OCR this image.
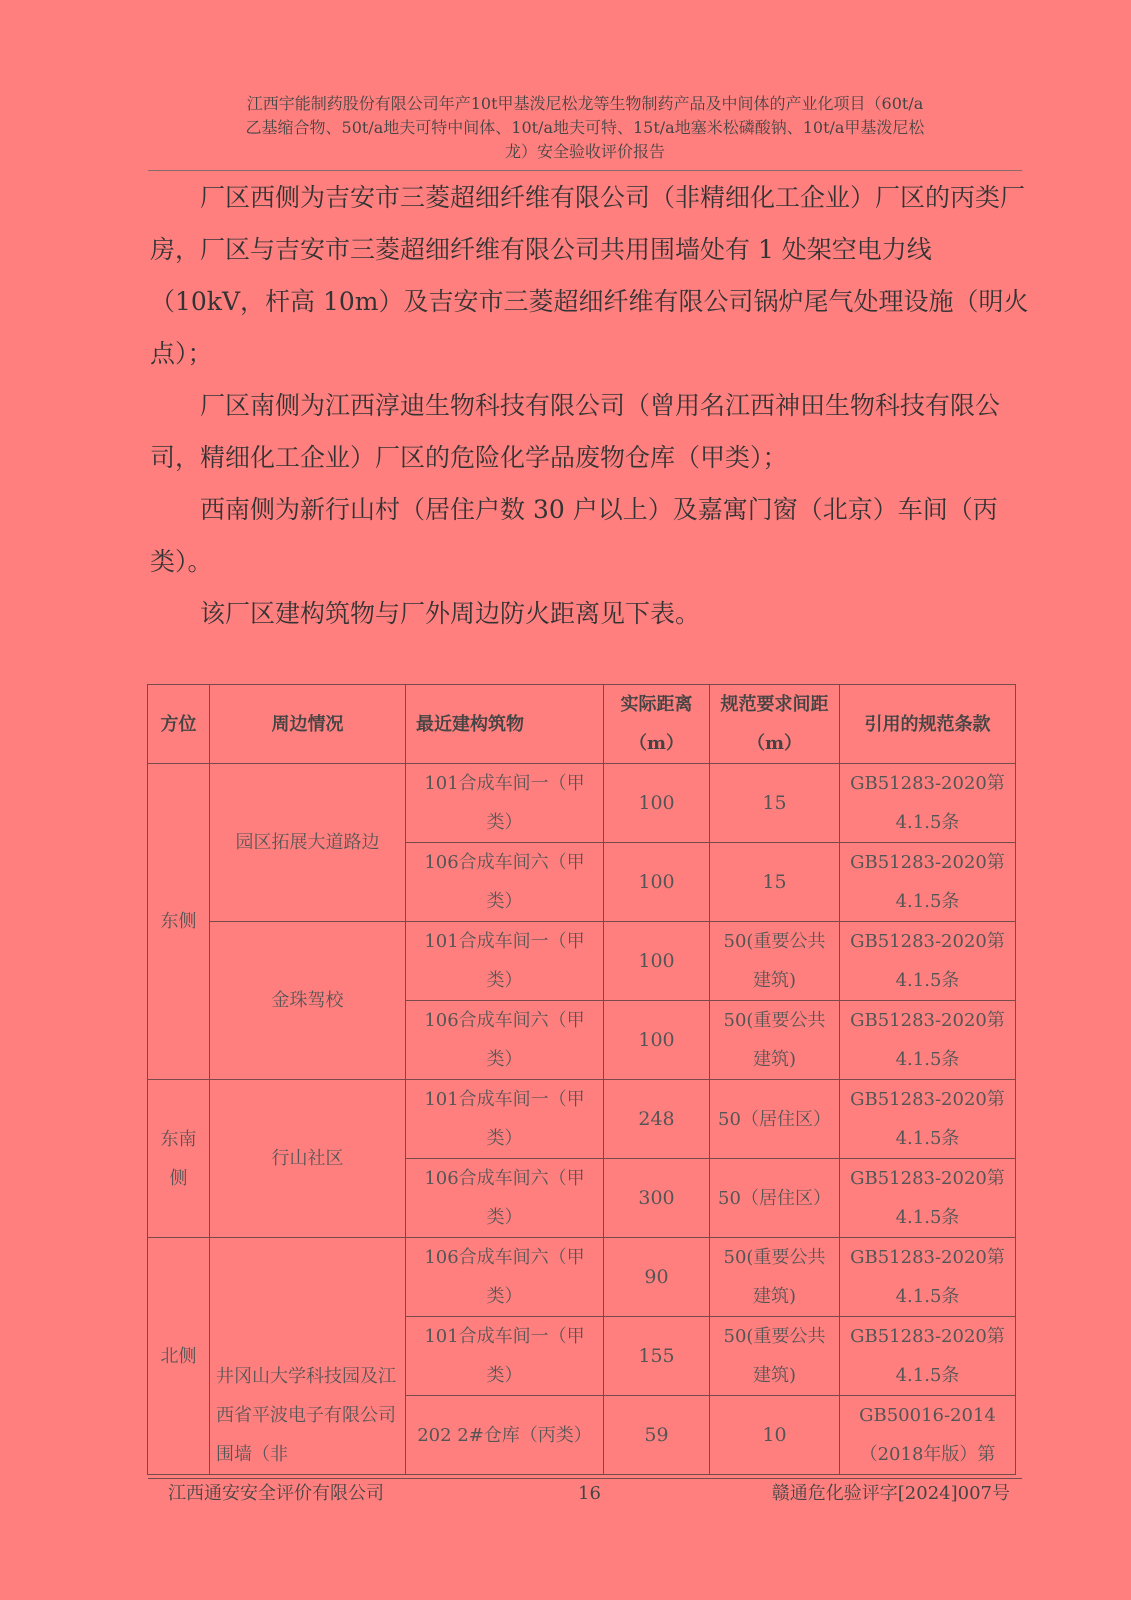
江西宇能制药股份有限公司年产10t甲基泼尼松龙等生物制药产品及中间体的产业化项目（60t/a
乙基缩合物、50t/a地夫可特中间体、10t/a地夫可特、15t/a地塞米松磷酸钠、10t/a甲基泼尼松
龙）安全验收评价报告

厂区西侧为吉安市三菱超细纤维有限公司（非精细化工企业）厂区的丙类厂房，厂区与吉安市三菱超细纤维有限公司共用围墙处有 1 处架空电力线（10kV，杆高 10m）及吉安市三菱超细纤维有限公司锅炉尾气处理设施（明火点）；

厂区南侧为江西淳迪生物科技有限公司（曾用名江西神田生物科技有限公司，精细化工企业）厂区的危险化学品废物仓库（甲类）；

西南侧为新行山村（居住户数 30 户以上）及嘉寓门窗（北京）车间（丙类）。

该厂区建构筑物与厂外周边防火距离见下表。

方位	周边情况	最近建构筑物	实际距离（m）	规范要求间距（m）	引用的规范条款
东侧	园区拓展大道路边	101合成车间一（甲类）	100	15	GB51283-2020第4.1.5条
		106合成车间六（甲类）	100	15	GB51283-2020第4.1.5条
	金珠驾校	101合成车间一（甲类）	100	50(重要公共建筑)	GB51283-2020第4.1.5条
		106合成车间六（甲类）	100	50(重要公共建筑)	GB51283-2020第4.1.5条
东南侧	行山社区	101合成车间一（甲类）	248	50（居住区）	GB51283-2020第4.1.5条
		106合成车间六（甲类）	300	50（居住区）	GB51283-2020第4.1.5条
北侧	井冈山大学科技园及江西省平波电子有限公司围墙（非	106合成车间六（甲类）	90	50(重要公共建筑)	GB51283-2020第4.1.5条
		101合成车间一（甲类）	155	50(重要公共建筑)	GB51283-2020第4.1.5条
		202 2#仓库（丙类）	59	10	GB50016-2014（2018年版）第
江西通安安全评价有限公司	16	赣通危化验评字[2024]007号
